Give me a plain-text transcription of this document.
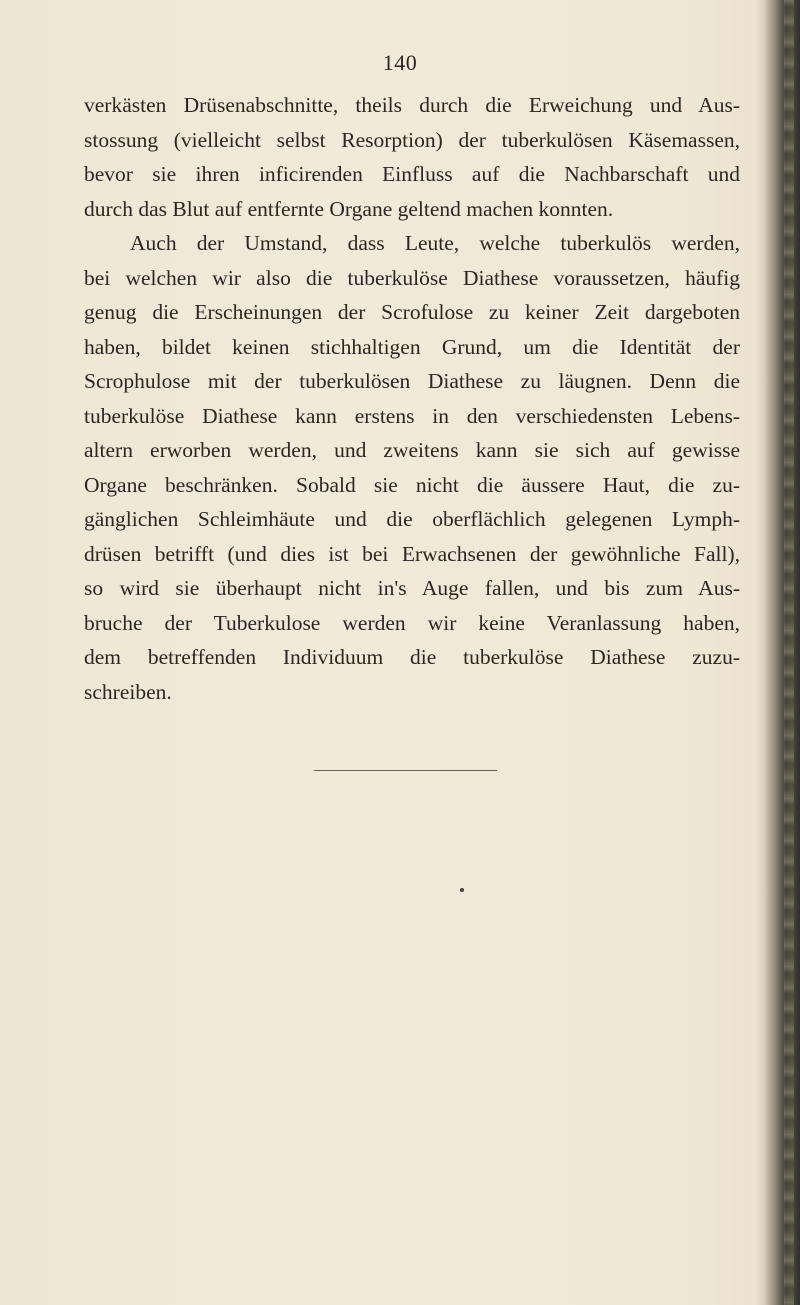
140
verkästen Drüsenabschnitte, theils durch die Erweichung und Aus-
stossung (vielleicht selbst Resorption) der tuberkulösen Käsemassen,
bevor sie ihren inficirenden Einfluss auf die Nachbarschaft und
durch das Blut auf entfernte Organe geltend machen konnten.
Auch der Umstand, dass Leute, welche tuberkulös werden,
bei welchen wir also die tuberkulöse Diathese voraussetzen, häufig
genug die Erscheinungen der Scrofulose zu keiner Zeit dargeboten
haben, bildet keinen stichhaltigen Grund, um die Identität der
Scrophulose mit der tuberkulösen Diathese zu läugnen. Denn die
tuberkulöse Diathese kann erstens in den verschiedensten Lebens-
altern erworben werden, und zweitens kann sie sich auf gewisse
Organe beschränken. Sobald sie nicht die äussere Haut, die zu-
gänglichen Schleimhäute und die oberflächlich gelegenen Lymph-
drüsen betrifft (und dies ist bei Erwachsenen der gewöhnliche Fall),
so wird sie überhaupt nicht in's Auge fallen, und bis zum Aus-
bruche der Tuberkulose werden wir keine Veranlassung haben,
dem betreffenden Individuum die tuberkulöse Diathese zuzu-
schreiben.
